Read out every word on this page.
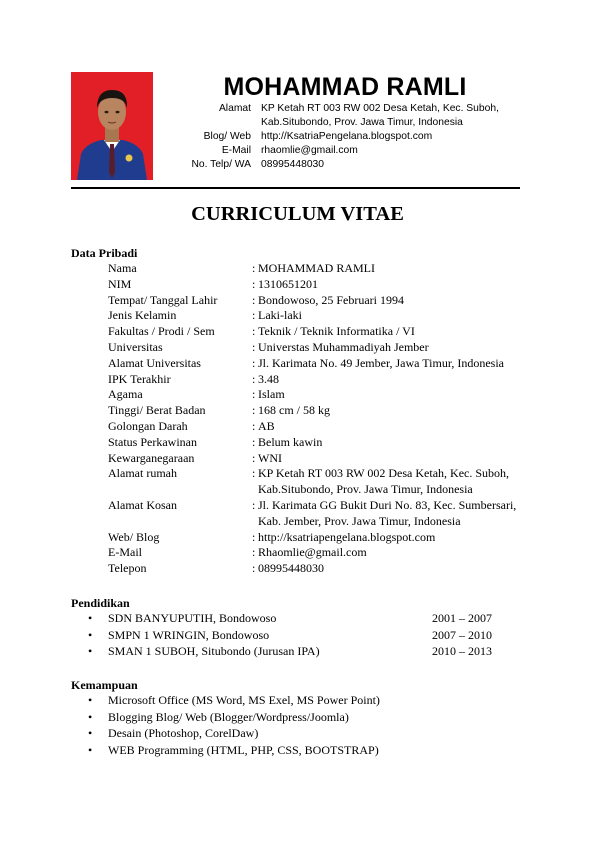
MOHAMMAD RAMLI
Alamat KP Ketah RT 003 RW 002 Desa Ketah, Kec. Suboh,
Kab.Situbondo, Prov. Jawa Timur, Indonesia
Blog/ Web http://KsatriaPengelana.blogspot.com
E-Mail rhaomlie@gmail.com
No. Telp/ WA 08995448030
CURRICULUM VITAE
Data Pribadi
Nama	: MOHAMMAD RAMLI
NIM	: 1310651201
Tempat/ Tanggal Lahir	: Bondowoso, 25 Februari 1994
Jenis Kelamin	: Laki-laki
Fakultas / Prodi / Sem	: Teknik / Teknik Informatika / VI
Universitas	: Universtas Muhammadiyah Jember
Alamat Universitas	: Jl. Karimata No. 49 Jember, Jawa Timur, Indonesia
IPK Terakhir	: 3.48
Agama	: Islam
Tinggi/ Berat Badan	: 168 cm / 58 kg
Golongan Darah	: AB
Status Perkawinan	: Belum kawin
Kewarganegaraan	: WNI
Alamat rumah	: KP Ketah RT 003 RW 002 Desa Ketah, Kec. Suboh,
Kab.Situbondo, Prov. Jawa Timur, Indonesia
Alamat Kosan	: Jl. Karimata GG Bukit Duri No. 83, Kec. Sumbersari,
Kab. Jember, Prov. Jawa Timur, Indonesia
Web/ Blog	: http://ksatriapengelana.blogspot.com
E-Mail	: Rhaomlie@gmail.com
Telepon	: 08995448030
Pendidikan
• SDN BANYUPUTIH, Bondowoso	2001 – 2007
• SMPN 1 WRINGIN, Bondowoso	2007 – 2010
• SMAN 1 SUBOH, Situbondo (Jurusan IPA)	2010 – 2013
Kemampuan
• Microsoft Office (MS Word, MS Exel, MS Power Point)
• Blogging Blog/ Web (Blogger/Wordpress/Joomla)
• Desain (Photoshop, CorelDaw)
• WEB Programming (HTML, PHP, CSS, BOOTSTRAP)
